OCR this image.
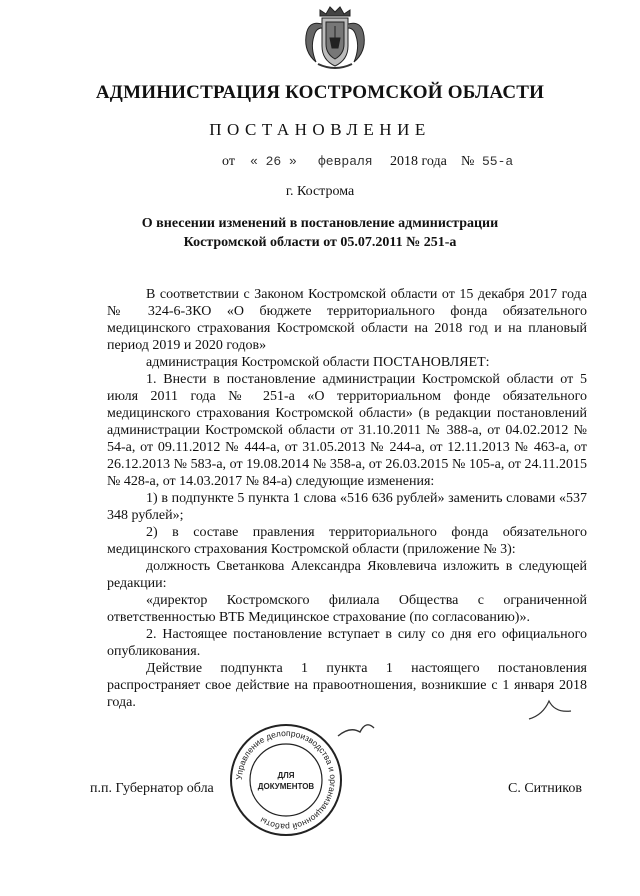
АДМИНИСТРАЦИЯ КОСТРОМСКОЙ ОБЛАСТИ
ПОСТАНОВЛЕНИЕ
от « 26 » февраля 2018 года № 55-а
г. Кострома
О внесении изменений в постановление администрации
Костромской области от 05.07.2011 № 251-а

В соответствии с Законом Костромской области от 15 декабря 2017 года № 324-6-ЗКО «О бюджете территориального фонда обязательного медицинского страхования Костромской области на 2018 год и на плановый период 2019 и 2020 годов»

администрация Костромской области ПОСТАНОВЛЯЕТ:

1. Внести в постановление администрации Костромской области от 5 июля 2011 года № 251-а «О территориальном фонде обязательного медицинского страхования Костромской области» (в редакции постановлений администрации Костромской области от 31.10.2011 № 388-а, от 04.02.2012 № 54-а, от 09.11.2012 № 444-а, от 31.05.2013 № 244-а, от 12.11.2013 № 463-а, от 26.12.2013 № 583-а, от 19.08.2014 № 358-а, от 26.03.2015 № 105-а, от 24.11.2015 № 428-а, от 14.03.2017 № 84-а) следующие изменения:

1) в подпункте 5 пункта 1 слова «516 636 рублей» заменить словами «537 348 рублей»;

2) в составе правления территориального фонда обязательного медицинского страхования Костромской области (приложение № 3):

должность Светанкова Александра Яковлевича изложить в следующей редакции:

«директор Костромского филиала Общества с ограниченной ответственностью ВТБ Медицинское страхование (по согласованию)».

2. Настоящее постановление вступает в силу со дня его официального опубликования.

Действие подпункта 1 пункта 1 настоящего постановления распространяет свое действие на правоотношения, возникшие с 1 января 2018 года.

п.п. Губернатор обла	С. Ситников
Управление делопроизводства и организационной работы
ДЛЯ
ДОКУМЕНТОВ
